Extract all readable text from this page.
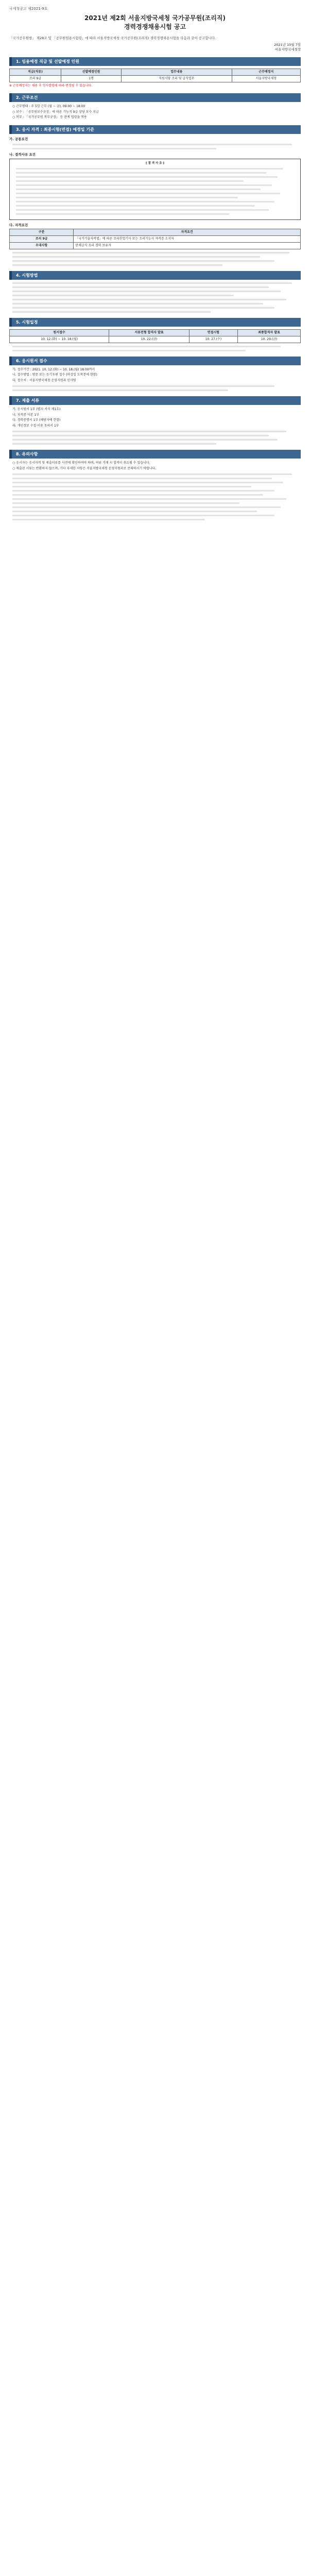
국세청공고 제2021-9호
2021년 제2회 서울지방국세청 국가공무원(조리직)
경력경쟁채용시험 공고
「국가공무원법」 제28조 및 「공무원임용시험령」에 따라 서울지방국세청 국가공무원(조리직) 경력경쟁채용시험을 다음과 같이 공고합니다.
2021년 10월 7일
서울지방국세청장
1. 임용예정 직급 및 선발예정 인원
직급(직류)	선발예정인원	업무내용	근무예정지
조리 9급	1명	직원식당 조리 및 급식업무	서울지방국세청
※ 근무예정지는 채용 후 인사발령에 따라 변경될 수 있습니다.
2. 근무조건
○ 근무형태 : 주 5일 근무 (월 ~ 금), 09:00 ~ 18:00
○ 보수 : 「공무원보수규정」에 따른 기능직 9급 상당 보수 지급
○ 복무 : 「국가공무원 복무규정」 등 관계 법령을 적용
3. 응시 자격 : 최종시험(면접) 예정일 기준
가. 공통요건
나. 결격사유 요건
[ 결 격 사 유 ]
다. 자격요건
구분	자격요건
조리 9급	「국가기술자격법」에 따른 조리산업기사 또는 조리기능사 자격증 소지자
우대사항	단체급식 조리 경력 보유자
4. 시험방법
5. 시험일정
원서접수	서류전형 합격자 발표	면접시험	최종합격자 발표
10. 12.(화) ~ 10. 18.(월)	10. 22.(금)	10. 27.(수)	10. 29.(금)
6. 응시원서 접수
가. 접수기간 : 2021. 10. 12.(화) ~ 10. 18.(월) 18:00까지
나. 접수방법 : 방문 또는 등기우편 접수 (마감일 도착분에 한함)
다. 접수처 : 서울지방국세청 운영지원과 인사팀
7. 제출 서류
가. 응시원서 1부 (별지 서식 제1호)
나. 자격증 사본 1부
다. 경력증명서 1부 (해당자에 한함)
라. 개인정보 수집·이용 동의서 1부
8. 유의사항
○ 응시자는 응시자격 및 제출서류를 사전에 확인하여야 하며, 허위 기재 시 합격이 취소될 수 있습니다.
○ 제출된 서류는 반환하지 않으며, 기타 자세한 사항은 서울지방국세청 운영지원과로 문의하시기 바랍니다.
